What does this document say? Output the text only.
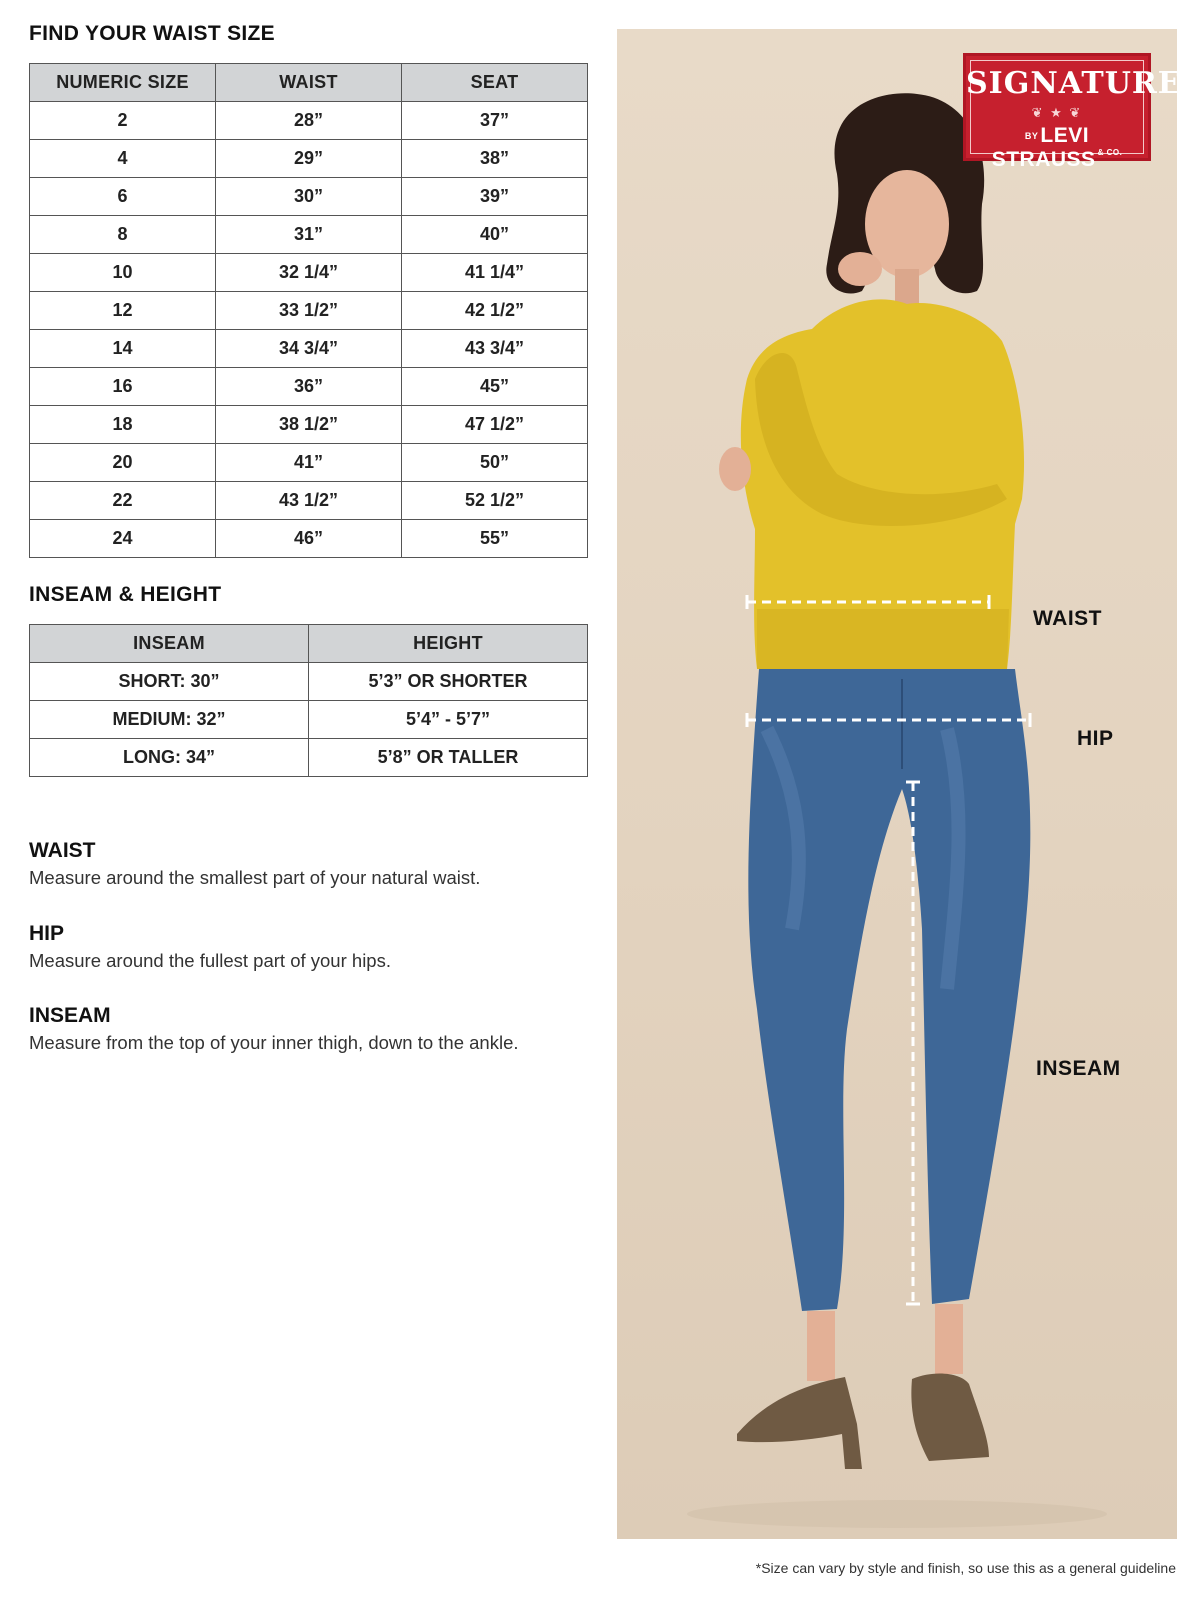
FIND YOUR WAIST SIZE
NUMERIC SIZE	WAIST	SEAT
2	28”	37”
4	29”	38”
6	30”	39”
8	31”	40”
10	32 1/4”	41 1/4”
12	33 1/2”	42 1/2”
14	34 3/4”	43 3/4”
16	36”	45”
18	38 1/2”	47 1/2”
20	41”	50”
22	43 1/2”	52 1/2”
24	46”	55”
INSEAM & HEIGHT
INSEAM	HEIGHT
SHORT: 30”	5’3” OR SHORTER
MEDIUM: 32”	5’4” - 5’7”
LONG: 34”	5’8” OR TALLER
WAIST

Measure around the smallest part of your natural waist.

HIP

Measure around the fullest part of your hips.

INSEAM

Measure from the top of your inner thigh, down to the ankle.

SIGNATURE
❦ ★ ❦
BYLEVI STRAUSS $^{\& CO.}$
WAIST
HIP
INSEAM
*Size can vary by style and finish, so use this as a general guideline
